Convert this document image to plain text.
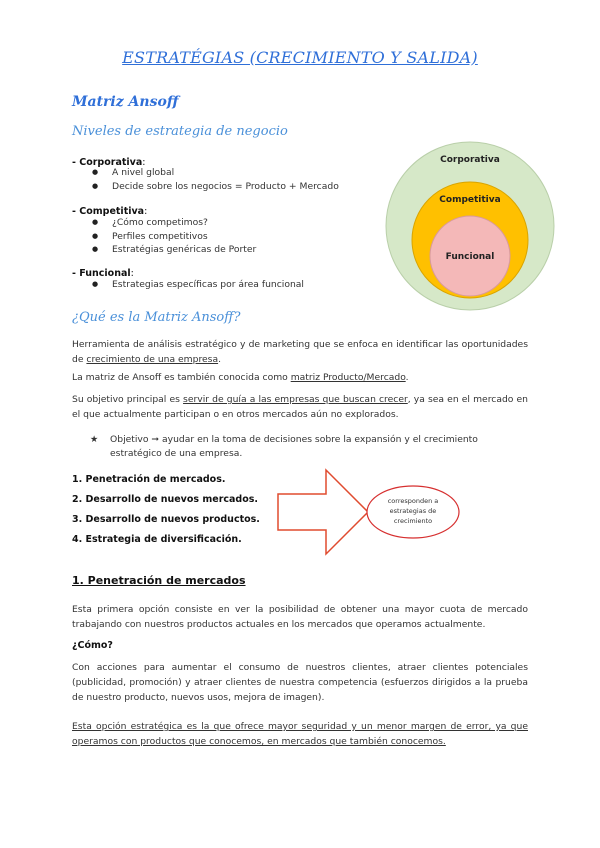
ESTRATÉGIAS (CRECIMIENTO Y SALIDA)
Matriz Ansoff
Niveles de estrategia de negocio
- Corporativa:
● A nivel global
● Decide sobre los negocios = Producto + Mercado
- Competitiva:
● ¿Cómo competimos?
● Perfiles competitivos
● Estratégias genéricas de Porter
- Funcional:
● Estrategias específicas por área funcional
Corporativa
Competitiva
Funcional
¿Qué es la Matriz Ansoff?
Herramienta de análisis estratégico y de marketing que se enfoca en identificar las oportunidades de crecimiento de una empresa.
La matriz de Ansoff es también conocida como matriz Producto/Mercado.
Su objetivo principal es servir de guía a las empresas que buscan crecer, ya sea en el mercado en el que actualmente participan o en otros mercados aún no explorados.
★ Objetivo ➞ ayudar en la toma de decisiones sobre la expansión y el crecimiento estratégico de una empresa.
1. Penetración de mercados.
2. Desarrollo de nuevos mercados.
3. Desarrollo de nuevos productos.
4. Estrategia de diversificación.
corresponden a
estrategias de
crecimiento
1. Penetración de mercados
Esta primera opción consiste en ver la posibilidad de obtener una mayor cuota de mercado trabajando con nuestros productos actuales en los mercados que operamos actualmente.
¿Cómo?
Con acciones para aumentar el consumo de nuestros clientes, atraer clientes potenciales (publicidad, promoción) y atraer clientes de nuestra competencia (esfuerzos dirigidos a la prueba de nuestro producto, nuevos usos, mejora de imagen).
Esta opción estratégica es la que ofrece mayor seguridad y un menor margen de error, ya que operamos con productos que conocemos, en mercados que también conocemos.
